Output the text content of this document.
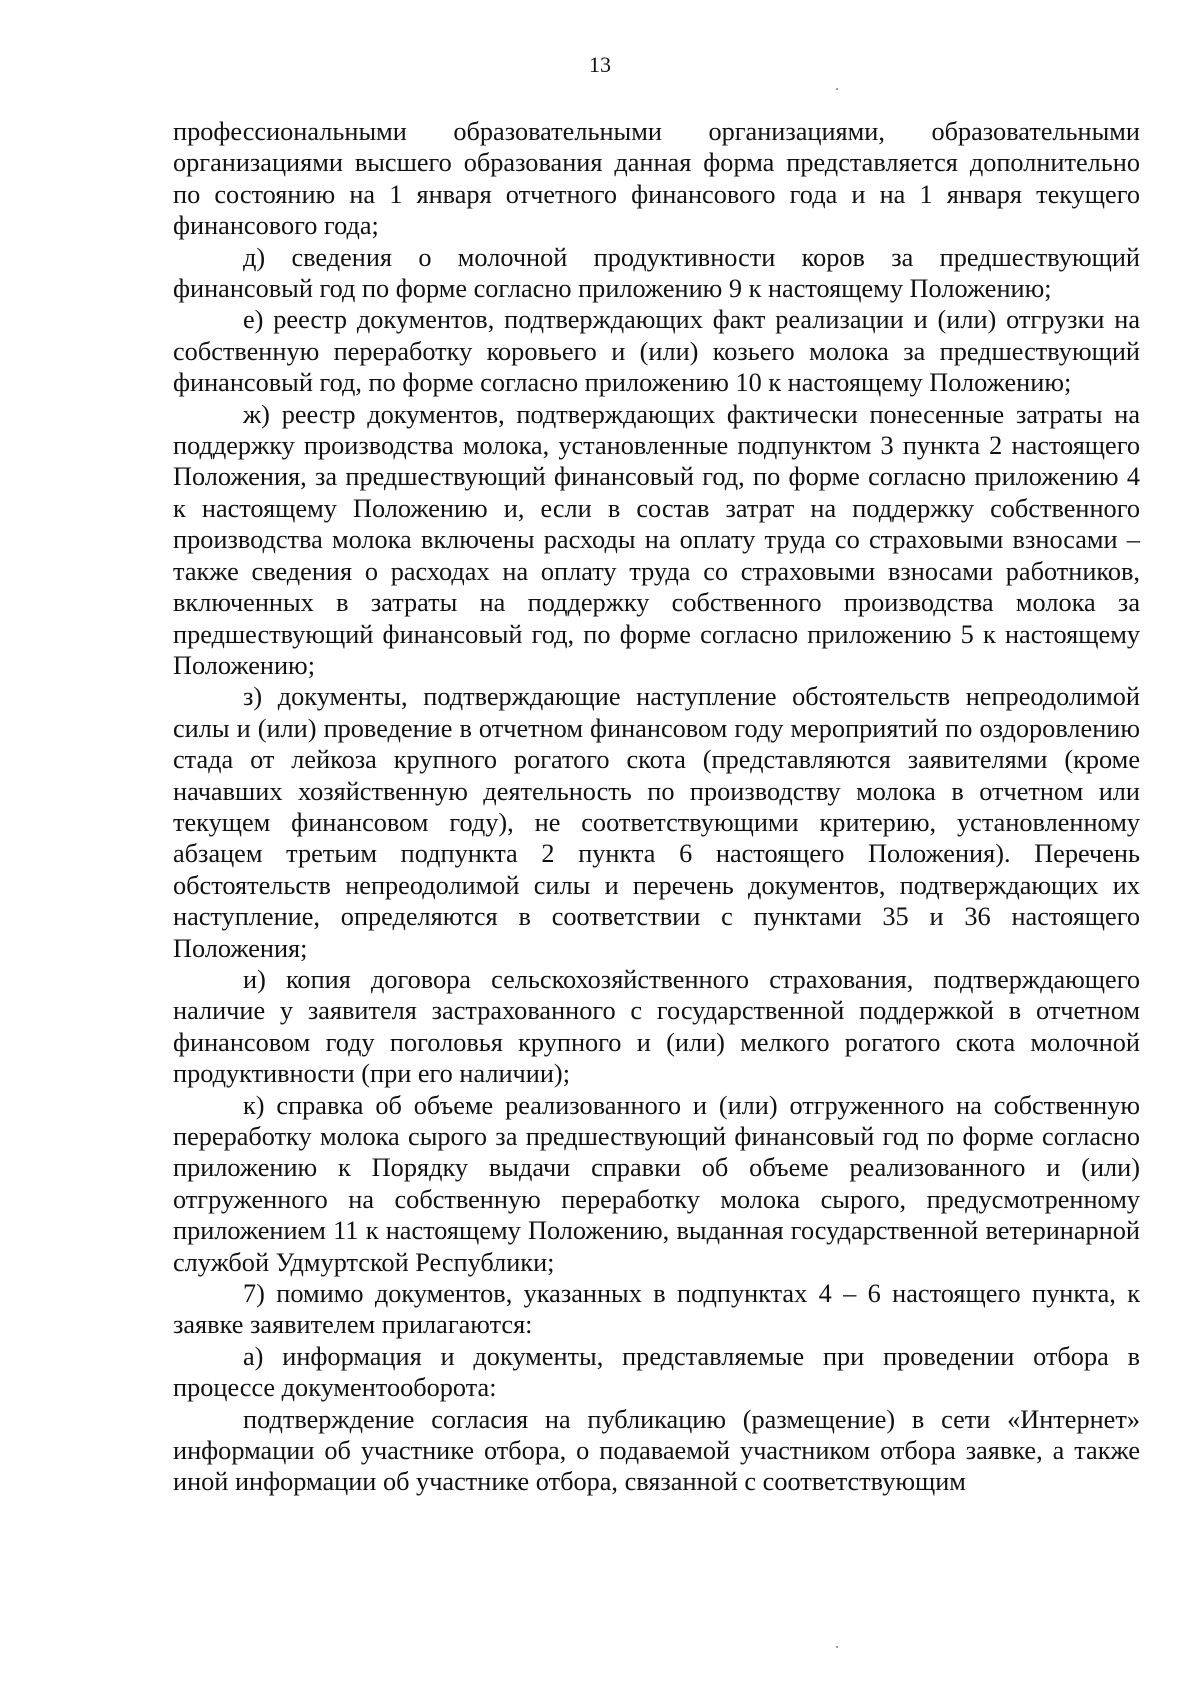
13

профессиональными образовательными организациями, образовательными организациями высшего образования данная форма представляется дополнительно по состоянию на 1 января отчетного финансового года и на 1 января текущего финансового года;

д) сведения о молочной продуктивности коров за предшествующий финансовый год по форме согласно приложению 9 к настоящему Положению;

е) реестр документов, подтверждающих факт реализации и (или) отгрузки на собственную переработку коровьего и (или) козьего молока за предшествующий финансовый год, по форме согласно приложению 10 к настоящему Положению;

ж) реестр документов, подтверждающих фактически понесенные затраты на поддержку производства молока, установленные подпунктом 3 пункта 2 настоящего Положения, за предшествующий финансовый год, по форме согласно приложению 4 к настоящему Положению и, если в состав затрат на поддержку собственного производства молока включены расходы на оплату труда со страховыми взносами – также сведения о расходах на оплату труда со страховыми взносами работников, включенных в затраты на поддержку собственного производства молока за предшествующий финансовый год, по форме согласно приложению 5 к настоящему Положению;

з) документы, подтверждающие наступление обстоятельств непреодолимой силы и (или) проведение в отчетном финансовом году мероприятий по оздоровлению стада от лейкоза крупного рогатого скота (представляются заявителями (кроме начавших хозяйственную деятельность по производству молока в отчетном или текущем финансовом году), не соответствующими критерию, установленному абзацем третьим подпункта 2 пункта 6 настоящего Положения). Перечень обстоятельств непреодолимой силы и перечень документов, подтверждающих их наступление, определяются в соответствии с пунктами 35 и 36 настоящего Положения;

и) копия договора сельскохозяйственного страхования, подтверждающего наличие у заявителя застрахованного с государственной поддержкой в отчетном финансовом году поголовья крупного и (или) мелкого рогатого скота молочной продуктивности (при его наличии);

к) справка об объеме реализованного и (или) отгруженного на собственную переработку молока сырого за предшествующий финансовый год по форме согласно приложению к Порядку выдачи справки об объеме реализованного и (или) отгруженного на собственную переработку молока сырого, предусмотренному приложением 11 к настоящему Положению, выданная государственной ветеринарной службой Удмуртской Республики;

7) помимо документов, указанных в подпунктах 4 – 6 настоящего пункта, к заявке заявителем прилагаются:

а) информация и документы, представляемые при проведении отбора в процессе документооборота:

подтверждение согласия на публикацию (размещение) в сети «Интернет» информации об участнике отбора, о подаваемой участником отбора заявке, а также иной информации об участнике отбора, связанной с соответствующим
